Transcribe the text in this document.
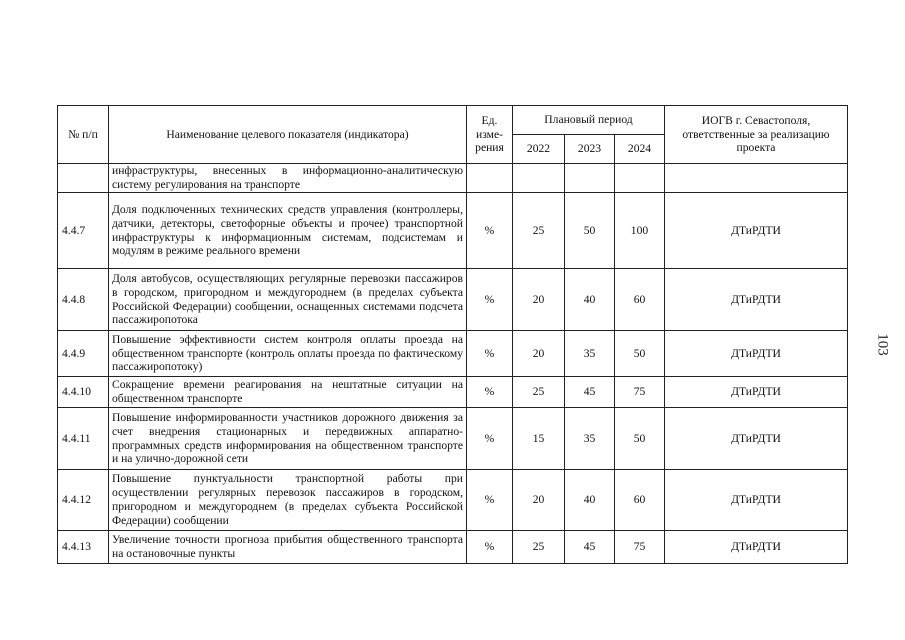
№ п/п	Наименование целевого показателя (индикатора)	Ед. изме-рения	Плановый период			ИОГВ г. Севастополя, ответственные за реализацию проекта
			2022	2023	2024	
	инфраструктуры, внесенных в информационно-аналитическую систему регулирования на транспорте					
4.4.7	Доля подключенных технических средств управления (контроллеры, датчики, детекторы, светофорные объекты и прочее) транспортной инфраструктуры к информационным системам, подсистемам и модулям в режиме реального времени	%	25	50	100	ДТиРДТИ
4.4.8	Доля автобусов, осуществляющих регулярные перевозки пассажиров в городском, пригородном и междугороднем (в пределах субъекта Российской Федерации) сообщении, оснащенных системами подсчета пассажиропотока	%	20	40	60	ДТиРДТИ
4.4.9	Повышение эффективности систем контроля оплаты проезда на общественном транспорте (контроль оплаты проезда по фактическому пассажиропотоку)	%	20	35	50	ДТиРДТИ
4.4.10	Сокращение времени реагирования на нештатные ситуации на общественном транспорте	%	25	45	75	ДТиРДТИ
4.4.11	Повышение информированности участников дорожного движения за счет внедрения стационарных и передвижных аппаратно-программных средств информирования на общественном транспорте и на улично-дорожной сети	%	15	35	50	ДТиРДТИ
4.4.12	Повышение пунктуальности транспортной работы при осуществлении регулярных перевозок пассажиров в городском, пригородном и междугороднем (в пределах субъекта Российской Федерации) сообщении	%	20	40	60	ДТиРДТИ
4.4.13	Увеличение точности прогноза прибытия общественного транспорта на остановочные пункты	%	25	45	75	ДТиРДТИ
103
